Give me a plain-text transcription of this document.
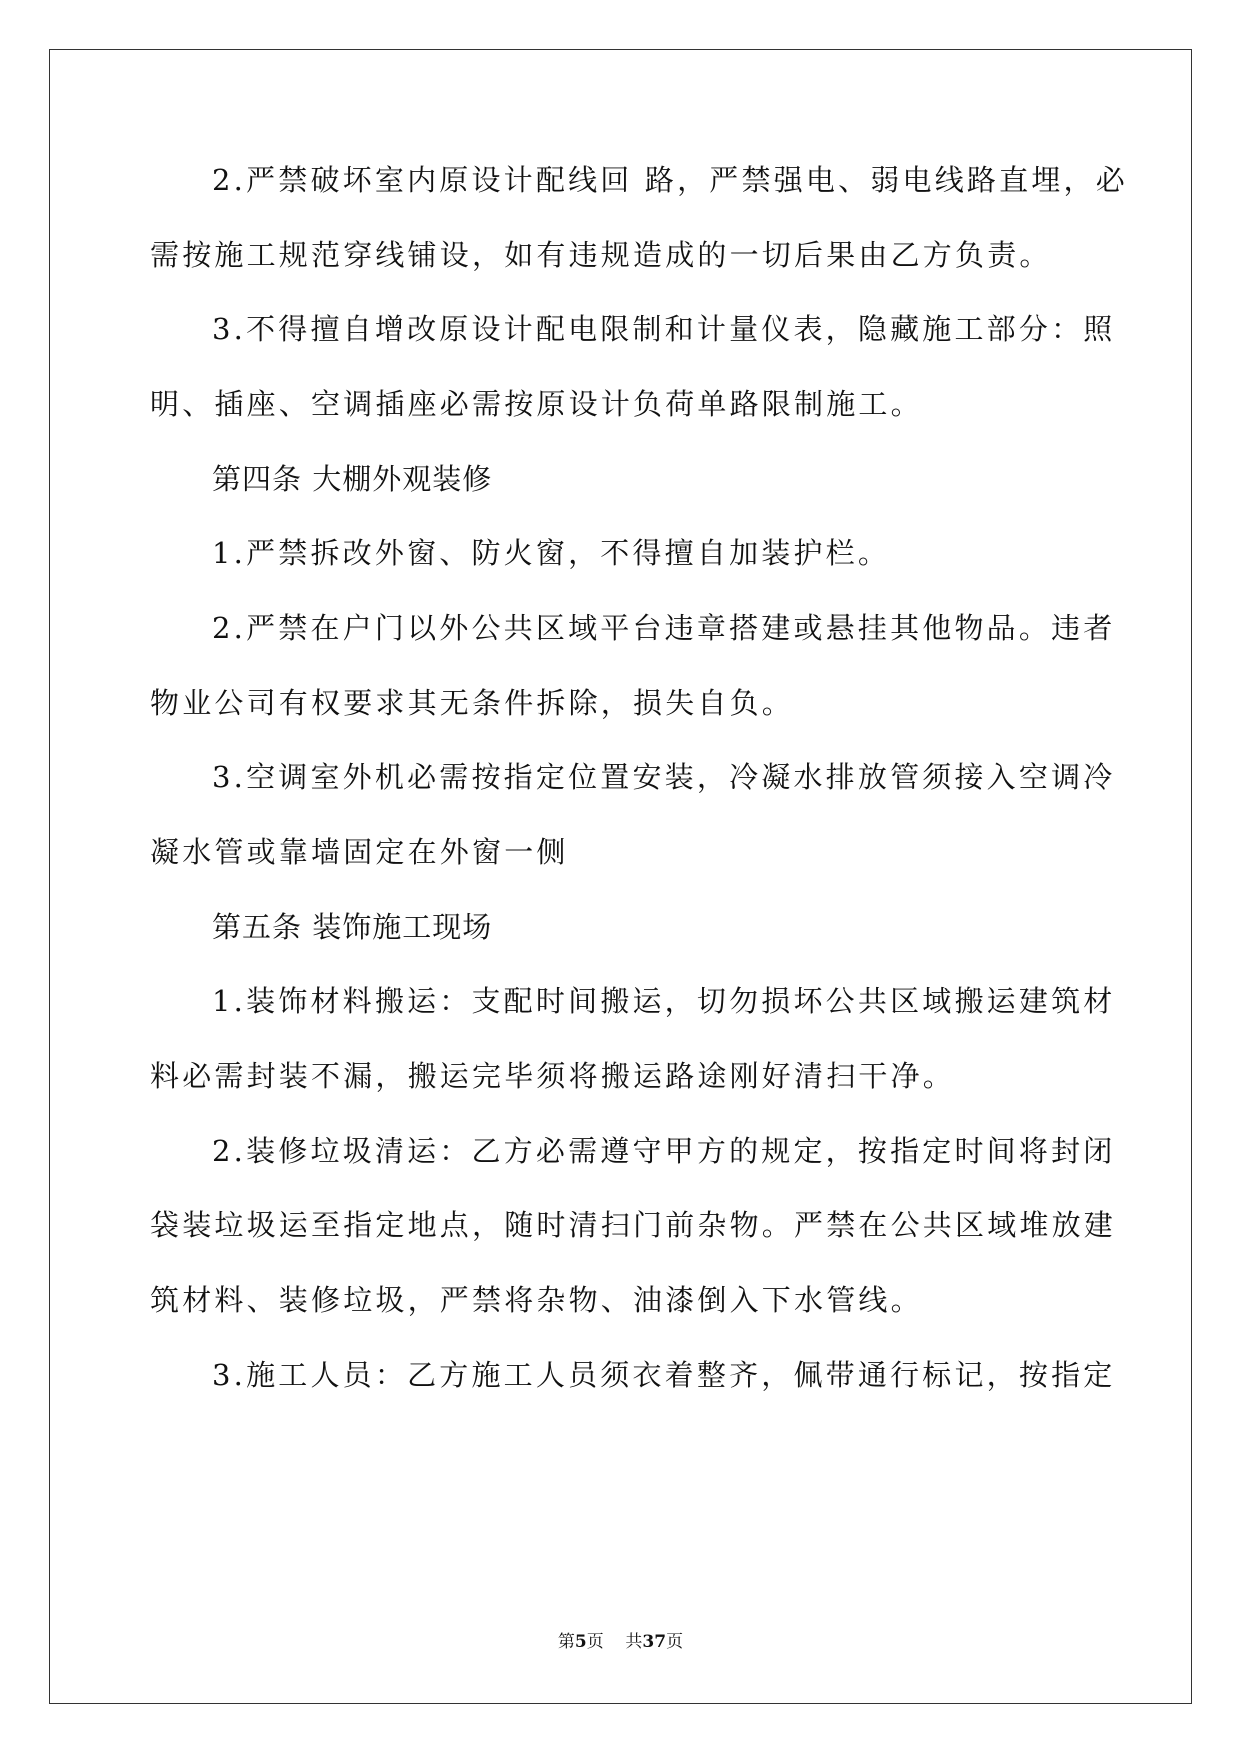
2.严禁破坏室内原设计配线回 路，严禁强电、弱电线路直埋，必
需按施工规范穿线铺设，如有违规造成的一切后果由乙方负责。
3.不得擅自增改原设计配电限制和计量仪表，隐藏施工部分：照
明、插座、空调插座必需按原设计负荷单路限制施工。
第四条 大棚外观装修
1.严禁拆改外窗、防火窗，不得擅自加装护栏。
2.严禁在户门以外公共区域平台违章搭建或悬挂其他物品。违者
物业公司有权要求其无条件拆除，损失自负。
3.空调室外机必需按指定位置安装，冷凝水排放管须接入空调冷
凝水管或靠墙固定在外窗一侧
第五条 装饰施工现场
1.装饰材料搬运：支配时间搬运，切勿损坏公共区域搬运建筑材
料必需封装不漏，搬运完毕须将搬运路途刚好清扫干净。
2.装修垃圾清运：乙方必需遵守甲方的规定，按指定时间将封闭
袋装垃圾运至指定地点，随时清扫门前杂物。严禁在公共区域堆放建
筑材料、装修垃圾，严禁将杂物、油漆倒入下水管线。
3.施工人员：乙方施工人员须衣着整齐，佩带通行标记，按指定
第5页    共37页
